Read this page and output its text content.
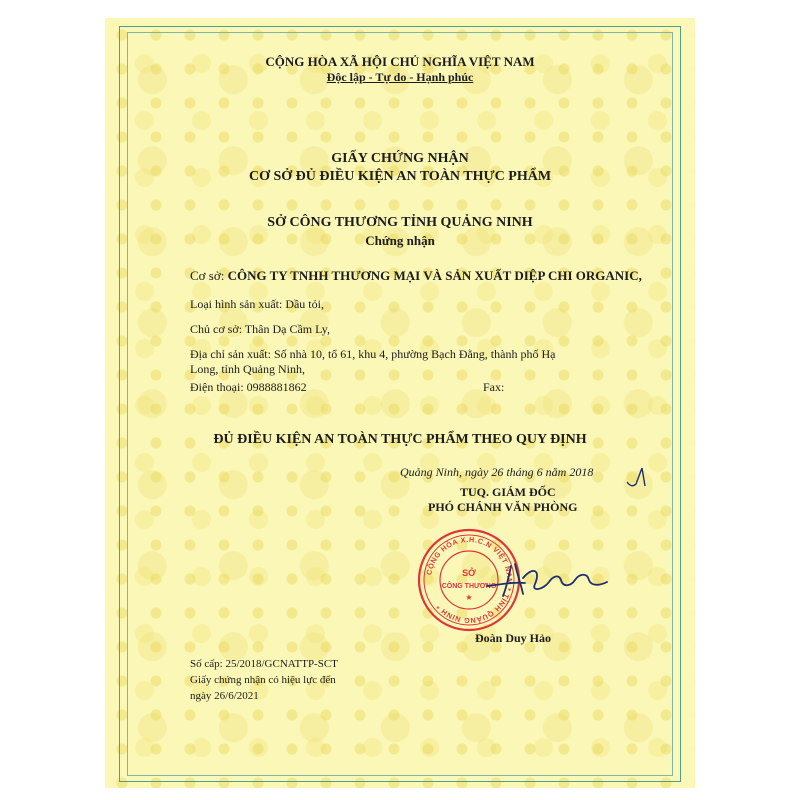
CỘNG HÒA XÃ HỘI CHỦ NGHĨA VIỆT NAM
Độc lập - Tự do - Hạnh phúc
GIẤY CHỨNG NHẬN
CƠ SỞ ĐỦ ĐIỀU KIỆN AN TOÀN THỰC PHẨM
SỞ CÔNG THƯƠNG TỈNH QUẢNG NINH
Chứng nhận
Cơ sở: CÔNG TY TNHH THƯƠNG MẠI VÀ SẢN XUẤT DIỆP CHI ORGANIC,
Loại hình sản xuất: Dầu tỏi,
Chủ cơ sở: Thân Dạ Cầm Ly,
Địa chỉ sản xuất: Số nhà 10, tổ 61, khu 4, phường Bạch Đằng, thành phố Hạ
Long, tỉnh Quảng Ninh,
Điện thoại: 0988881862	Fax:
ĐỦ ĐIỀU KIỆN AN TOÀN THỰC PHẨM THEO QUY ĐỊNH
Quảng Ninh, ngày 26 tháng 6 năm 2018
TUQ. GIÁM ĐỐC
PHÓ CHÁNH VĂN PHÒNG
CỘNG HÒA X.H.C.N VIỆT NAM * TỈNH QUẢNG NINH *
SỞ
CÔNG THƯƠNG
★
Đoàn Duy Hảo
Số cấp: 25/2018/GCNATTP-SCT
Giấy chứng nhận có hiệu lực đến
ngày 26/6/2021
